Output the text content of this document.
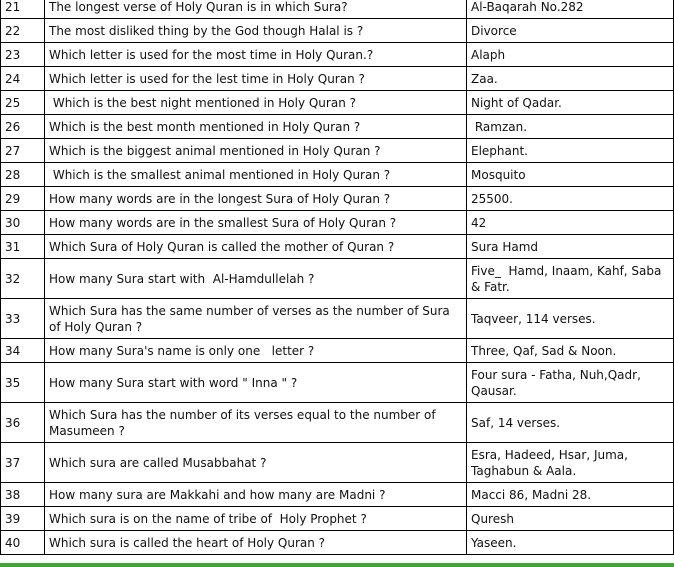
21	The longest verse of Holy Quran is in which Sura?	Al-Baqarah No.282
22	The most disliked thing by the God though Halal is ?	Divorce
23	Which letter is used for the most time in Holy Quran.?	Alaph
24	Which letter is used for the lest time in Holy Quran ?	Zaa.
25	Which is the best night mentioned in Holy Quran ?	Night of Qadar.
26	Which is the best month mentioned in Holy Quran ?	Ramzan.
27	Which is the biggest animal mentioned in Holy Quran ?	Elephant.
28	Which is the smallest animal mentioned in Holy Quran ?	Mosquito
29	How many words are in the longest Sura of Holy Quran ?	25500.
30	How many words are in the smallest Sura of Holy Quran ?	42
31	Which Sura of Holy Quran is called the mother of Quran ?	Sura Hamd
32	How many Sura start with  Al-Hamdullelah ?	Five_  Hamd, Inaam, Kahf, Saba & Fatr.
33	Which Sura has the same number of verses as the number of Sura of Holy Quran ?	Taqveer, 114 verses.
34	How many Sura's name is only one   letter ?	Three, Qaf, Sad & Noon.
35	How many Sura start with word " Inna " ?	Four sura - Fatha, Nuh,Qadr, Qausar.
36	Which Sura has the number of its verses equal to the number of Masumeen ?	Saf, 14 verses.
37	Which sura are called Musabbahat ?	Esra, Hadeed, Hsar, Juma, Taghabun & Aala.
38	How many sura are Makkahi and how many are Madni ?	Macci 86, Madni 28.
39	Which sura is on the name of tribe of  Holy Prophet ?	Quresh
40	Which sura is called the heart of Holy Quran ?	Yaseen.
